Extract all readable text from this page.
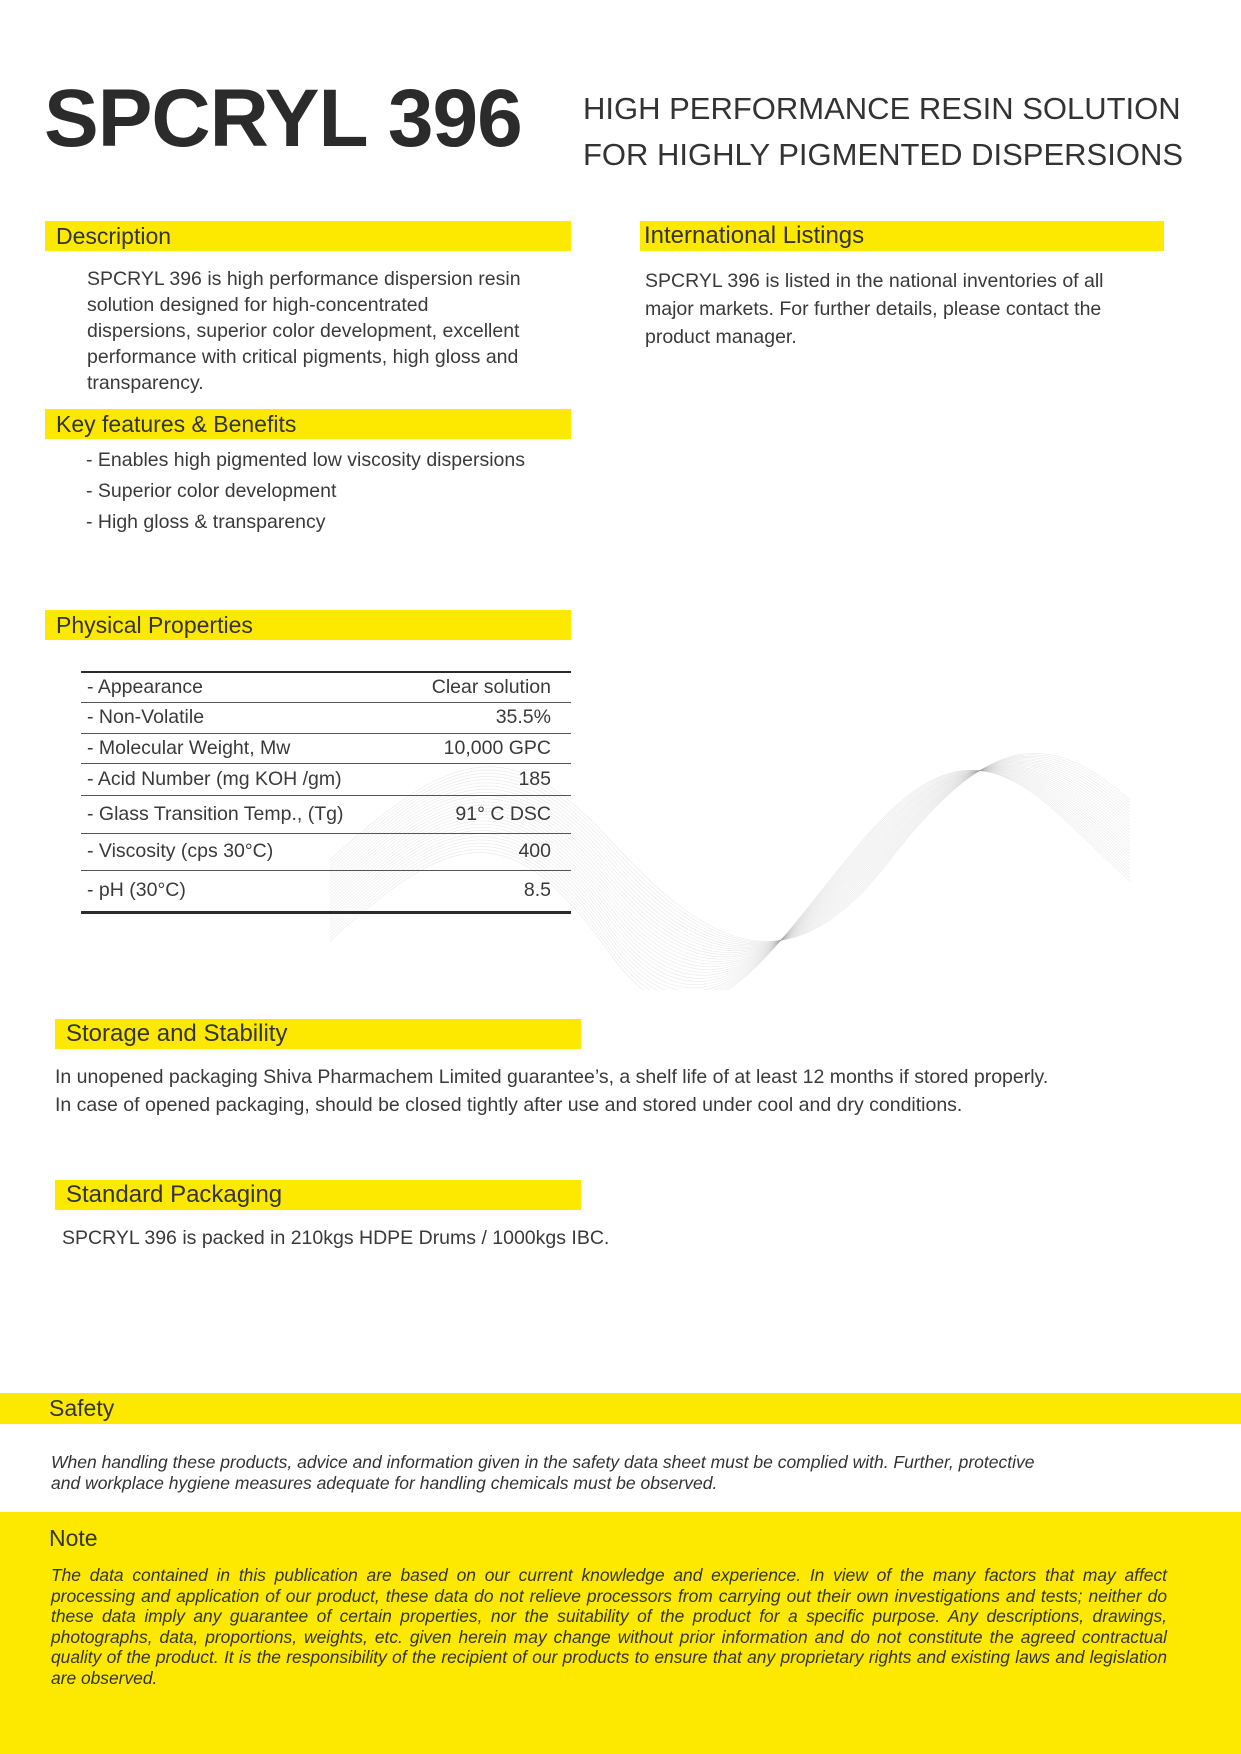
SPCRYL 396 HIGH PERFORMANCE RESIN SOLUTION
FOR HIGHLY PIGMENTED DISPERSIONS
Description

SPCRYL 396 is high performance dispersion resin solution designed for high-concentrated dispersions, superior color development, excellent performance with critical pigments, high gloss and transparency.

International Listings

SPCRYL 396 is listed in the national inventories of all major markets. For further details, please contact the product manager.

Key features & Benefits
- Enables high pigmented low viscosity dispersions
- Superior color development
- High gloss & transparency
Physical Properties
- Appearance	Clear solution
- Non-Volatile	35.5%
- Molecular Weight, Mw	10,000 GPC
- Acid Number (mg KOH /gm)	185
- Glass Transition Temp., (Tg)	91° C DSC
- Viscosity (cps 30°C)	400
- pH (30°C)	8.5
Storage and Stability

In unopened packaging Shiva Pharmachem Limited guarantee’s, a shelf life of at least 12 months if stored properly.
In case of opened packaging, should be closed tightly after use and stored under cool and dry conditions.

Standard Packaging

SPCRYL 396 is packed in 210kgs HDPE Drums / 1000kgs IBC.

Safety

When handling these products, advice and information given in the safety data sheet must be complied with. Further, protective and workplace hygiene measures adequate for handling chemicals must be observed.

Note

The data contained in this publication are based on our current knowledge and experience. In view of the many factors that may affect processing and application of our product, these data do not relieve processors from carrying out their own investigations and tests; neither do these data imply any guarantee of certain properties, nor the suitability of the product for a specific purpose. Any descriptions, drawings, photographs, data, proportions, weights, etc. given herein may change without prior information and do not constitute the agreed contractual quality of the product. It is the responsibility of the recipient of our products to ensure that any proprietary rights and existing laws and legislation are observed.
